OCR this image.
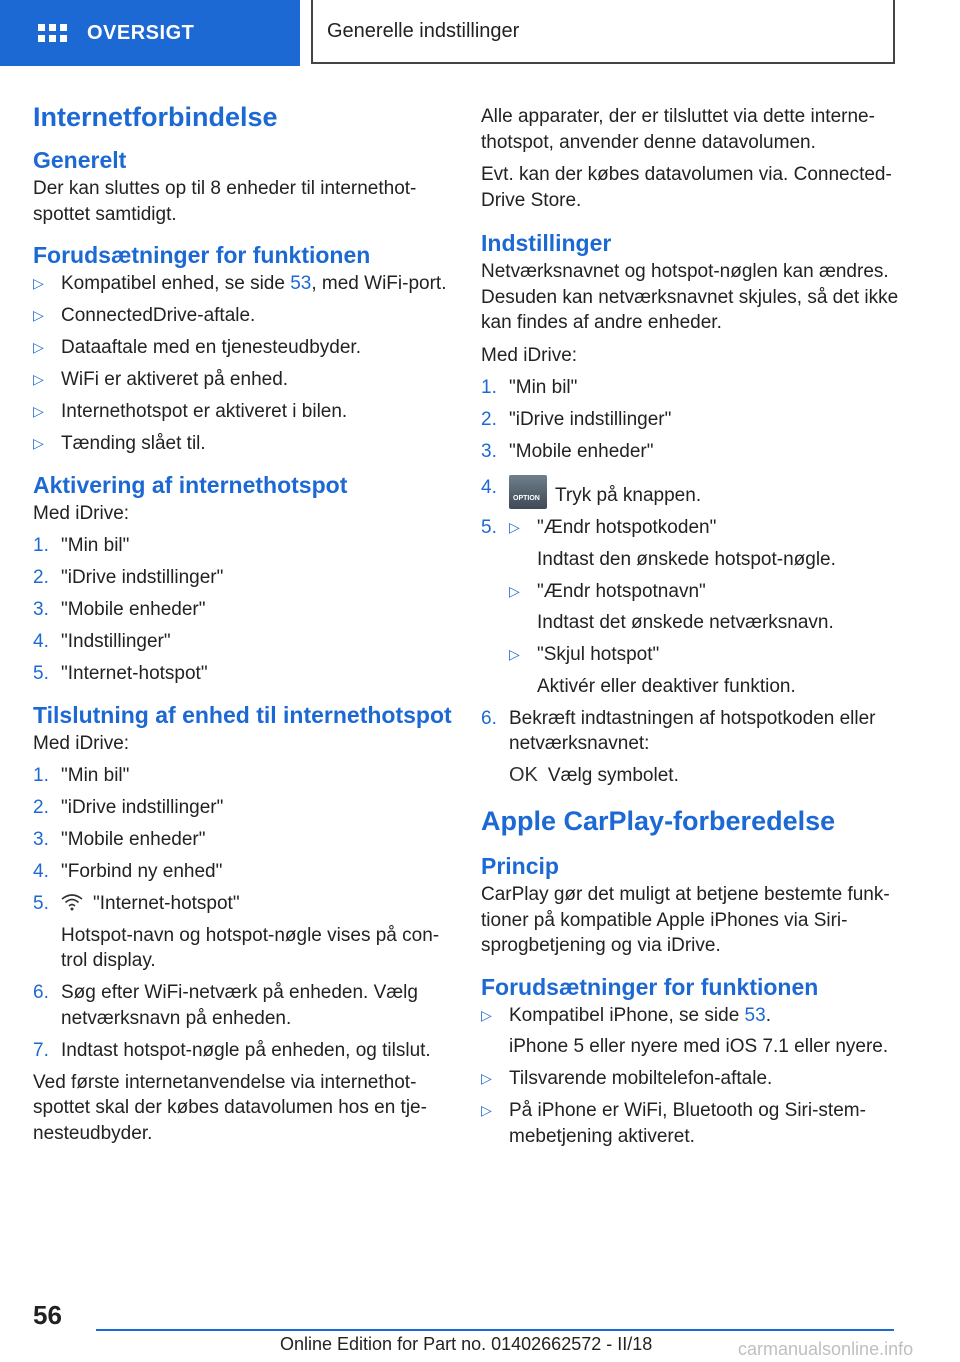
OVERSIGT	Generelle indstillinger
Internetforbindelse
Generelt

Der kan sluttes op til 8 enheder til internethot-spottet samtidigt.

Forudsætninger for funktionen
▷ Kompatibel enhed, se side 53, med WiFi-port.
▷ ConnectedDrive-aftale.
▷ Dataaftale med en tjenesteudbyder.
▷ WiFi er aktiveret på enhed.
▷ Internethotspot er aktiveret i bilen.
▷ Tænding slået til.
Aktivering af internethotspot

Med iDrive:

1. "Min bil"
2. "iDrive indstillinger"
3. "Mobile enheder"
4. "Indstillinger"
5. "Internet-hotspot"
Tilslutning af enhed til internethotspot

Med iDrive:

1. "Min bil"
2. "iDrive indstillinger"
3. "Mobile enheder"
4. "Forbind ny enhed"
5. "Internet-hotspot"
Hotspot-navn og hotspot-nøgle vises på con-trol display.
6. Søg efter WiFi-netværk på enheden. Vælg netværksnavn på enheden.
7. Indtast hotspot-nøgle på enheden, og tilslut.

Ved første internetanvendelse via internethot-spottet skal der købes datavolumen hos en tje-nesteudbyder.

Alle apparater, der er tilsluttet via dette interne-thotspot, anvender denne datavolumen.

Evt. kan der købes datavolumen via. Connected-Drive Store.

Indstillinger

Netværksnavnet og hotspot-nøglen kan ændres. Desuden kan netværksnavnet skjules, så det ikke kan findes af andre enheder.

Med iDrive:

1. "Min bil"
2. "iDrive indstillinger"
3. "Mobile enheder"
4.
OPTION	Tryk på knappen.
5. ▷ "Ændr hotspotkoden"
Indtast den ønskede hotspot-nøgle.
▷ "Ændr hotspotnavn"
Indtast det ønskede netværksnavn.
▷ "Skjul hotspot"
Aktivér eller deaktiver funktion.
6. Bekræft indtastningen af hotspotkoden eller netværksnavnet:
OK Vælg symbolet.
Apple CarPlay-forberedelse
Princip

CarPlay gør det muligt at betjene bestemte funk-tioner på kompatible Apple iPhones via Siri-sprogbetjening og via iDrive.

Forudsætninger for funktionen
▷ Kompatibel iPhone, se side 53.
iPhone 5 eller nyere med iOS 7.1 eller nyere.
▷ Tilsvarende mobiltelefon-aftale.
▷ På iPhone er WiFi, Bluetooth og Siri-stem-mebetjening aktiveret.
56
Online Edition for Part no. 01402662572 - II/18	carmanualsonline.info
